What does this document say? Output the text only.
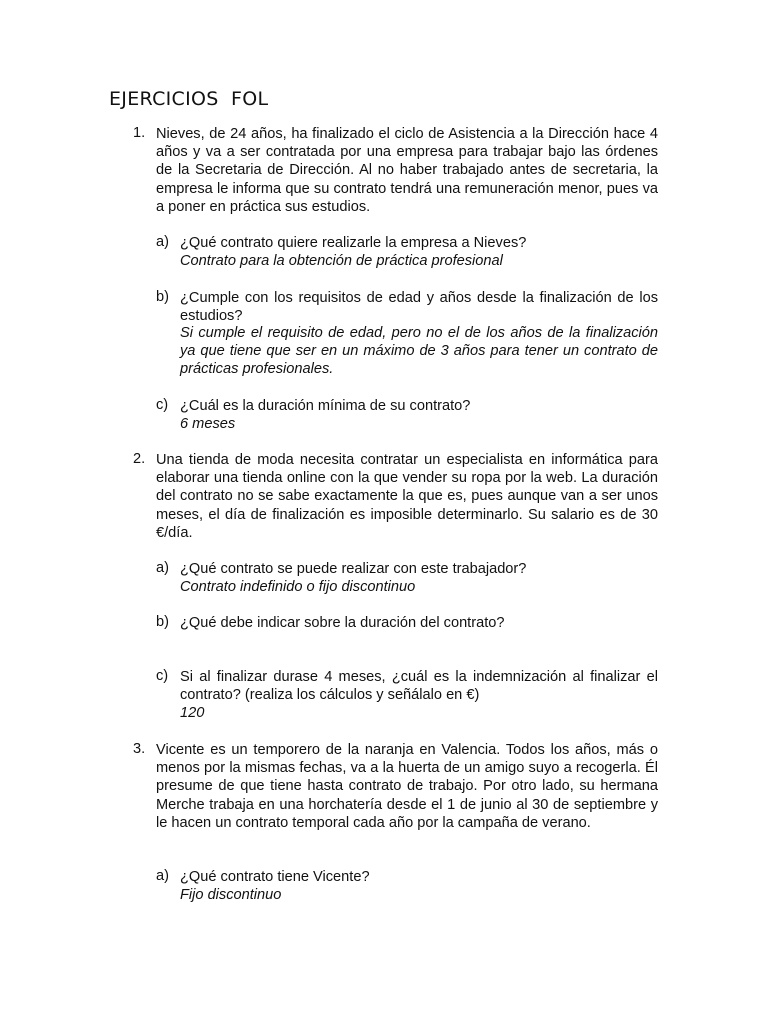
EJERCICIOS FOL
1. Nieves, de 24 años, ha finalizado el ciclo de Asistencia a la Dirección hace 4 años y va a ser contratada por una empresa para trabajar bajo las órdenes de la Secretaria de Dirección. Al no haber trabajado antes de secretaria, la empresa le informa que su contrato tendrá una remuneración menor, pues va a poner en práctica sus estudios.
a) ¿Qué contrato quiere realizarle la empresa a Nieves?
Contrato para la obtención de práctica profesional
b) ¿Cumple con los requisitos de edad y años desde la finalización de los estudios?
Si cumple el requisito de edad, pero no el de los años de la finalización ya que tiene que ser en un máximo de 3 años para tener un contrato de prácticas profesionales.
c) ¿Cuál es la duración mínima de su contrato?
6 meses
2. Una tienda de moda necesita contratar un especialista en informática para elaborar una tienda online con la que vender su ropa por la web. La duración del contrato no se sabe exactamente la que es, pues aunque van a ser unos meses, el día de finalización es imposible determinarlo. Su salario es de 30 €/día.
a) ¿Qué contrato se puede realizar con este trabajador?
Contrato indefinido o fijo discontinuo
b) ¿Qué debe indicar sobre la duración del contrato?
c) Si al finalizar durase 4 meses, ¿cuál es la indemnización al finalizar el contrato? (realiza los cálculos y señálalo en €)
120
3. Vicente es un temporero de la naranja en Valencia. Todos los años, más o menos por la mismas fechas, va a la huerta de un amigo suyo a recogerla. Él presume de que tiene hasta contrato de trabajo. Por otro lado, su hermana Merche trabaja en una horchatería desde el 1 de junio al 30 de septiembre y le hacen un contrato temporal cada año por la campaña de verano.
a) ¿Qué contrato tiene Vicente?
Fijo discontinuo
